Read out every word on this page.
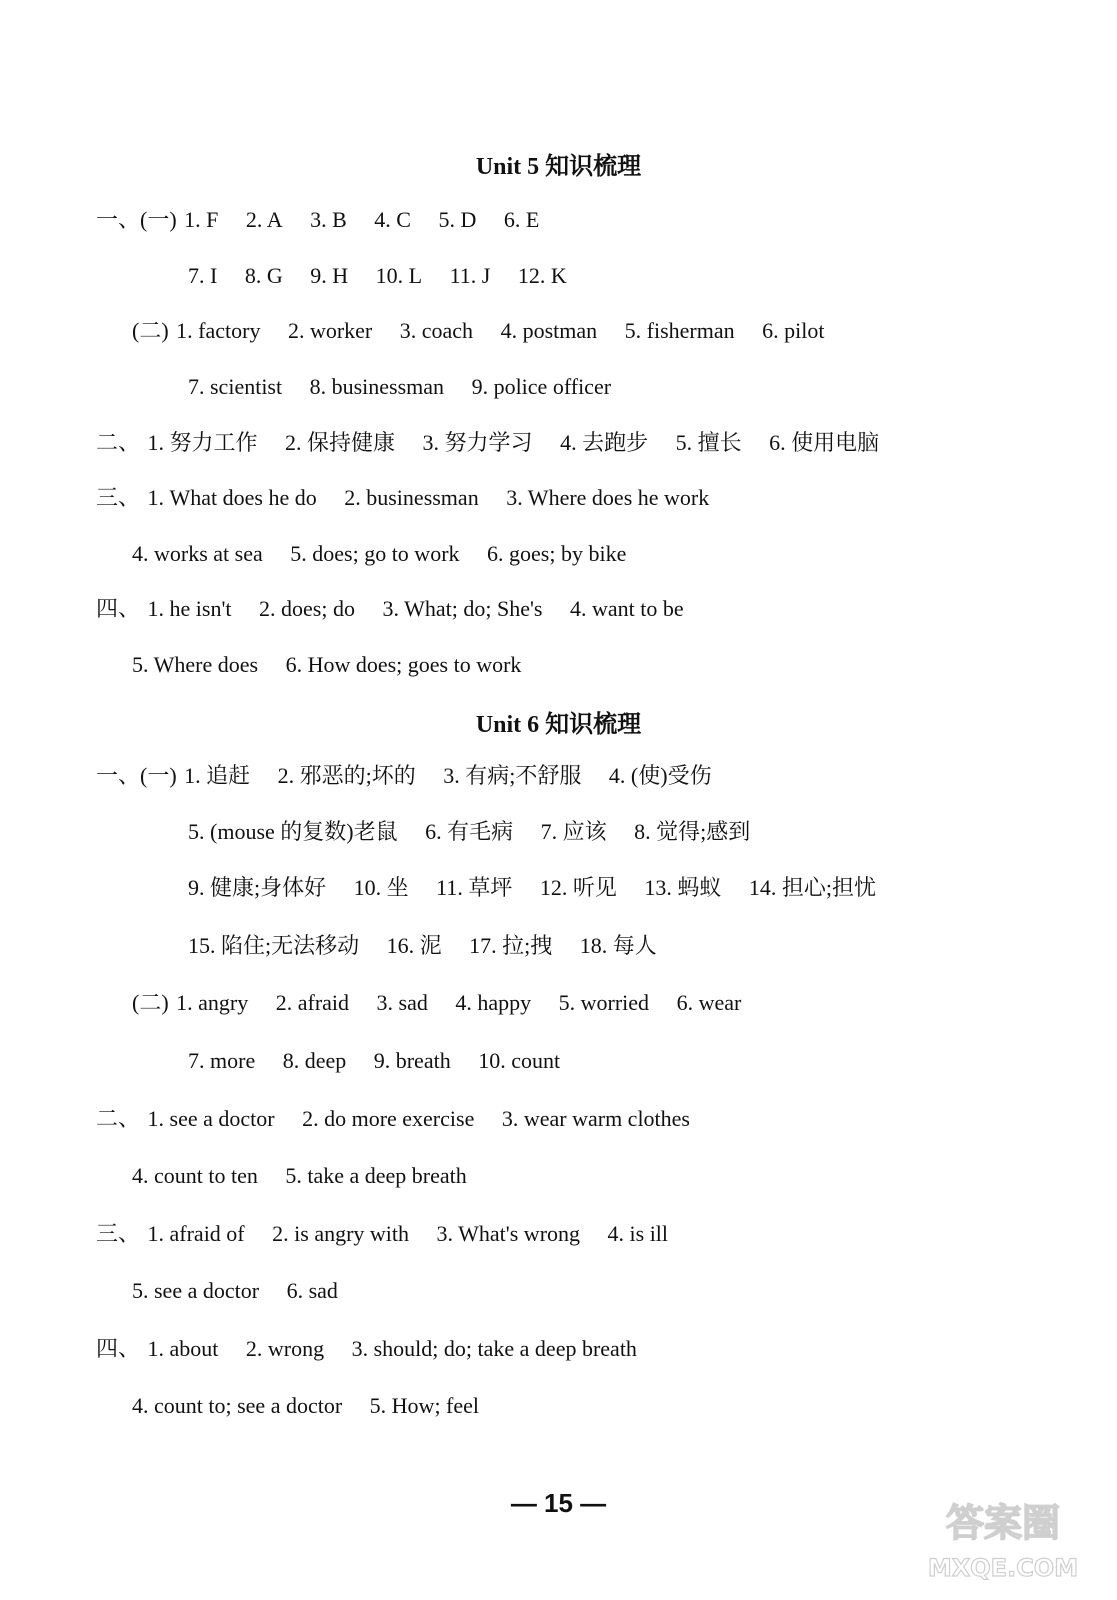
Unit 5 知识梳理
一、(一) 1. F 2. A 3. B 4. C 5. D 6. E
7. I 8. G 9. H 10. L 11. J 12. K
(二) 1. factory 2. worker 3. coach 4. postman 5. fisherman 6. pilot
7. scientist 8. businessman 9. police officer
二、 1. 努力工作 2. 保持健康 3. 努力学习 4. 去跑步 5. 擅长 6. 使用电脑
三、 1. What does he do 2. businessman 3. Where does he work
4. works at sea 5. does; go to work 6. goes; by bike
四、 1. he isn't 2. does; do 3. What; do; She's 4. want to be
5. Where does 6. How does; goes to work
Unit 6 知识梳理
一、(一) 1. 追赶 2. 邪恶的;坏的 3. 有病;不舒服 4. (使)受伤
5. (mouse 的复数)老鼠 6. 有毛病 7. 应该 8. 觉得;感到
9. 健康;身体好 10. 坐 11. 草坪 12. 听见 13. 蚂蚁 14. 担心;担忧
15. 陷住;无法移动 16. 泥 17. 拉;拽 18. 每人
(二) 1. angry 2. afraid 3. sad 4. happy 5. worried 6. wear
7. more 8. deep 9. breath 10. count
二、 1. see a doctor 2. do more exercise 3. wear warm clothes
4. count to ten 5. take a deep breath
三、 1. afraid of 2. is angry with 3. What's wrong 4. is ill
5. see a doctor 6. sad
四、 1. about 2. wrong 3. should; do; take a deep breath
4. count to; see a doctor 5. How; feel
— 15 —	答案圈
MXQE.COM
